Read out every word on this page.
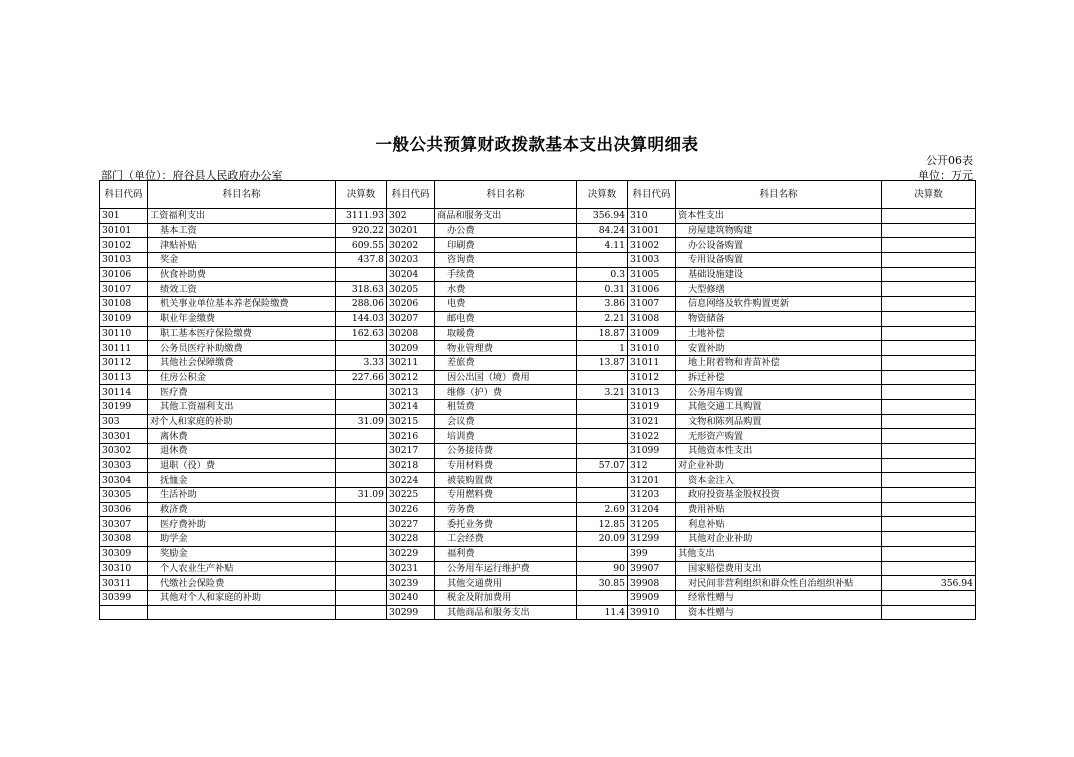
一般公共预算财政拨款基本支出决算明细表
公开06表
部门（单位）：府谷县人民政府办公室	单位：万元
科目代码	科目名称	决算数	科目代码	科目名称	决算数	科目代码	科目名称	决算数
301	工资福利支出	3111.93	302	商品和服务支出	356.94	310	资本性支出	
30101	基本工资	920.22	30201	办公费	84.24	31001	房屋建筑物购建	
30102	津贴补贴	609.55	30202	印刷费	4.11	31002	办公设备购置	
30103	奖金	437.8	30203	咨询费		31003	专用设备购置	
30106	伙食补助费		30204	手续费	0.3	31005	基础设施建设	
30107	绩效工资	318.63	30205	水费	0.31	31006	大型修缮	
30108	机关事业单位基本养老保险缴费	288.06	30206	电费	3.86	31007	信息网络及软件购置更新	
30109	职业年金缴费	144.03	30207	邮电费	2.21	31008	物资储备	
30110	职工基本医疗保险缴费	162.63	30208	取暖费	18.87	31009	土地补偿	
30111	公务员医疗补助缴费		30209	物业管理费	1	31010	安置补助	
30112	其他社会保障缴费	3.33	30211	差旅费	13.87	31011	地上附着物和青苗补偿	
30113	住房公积金	227.66	30212	因公出国（境）费用		31012	拆迁补偿	
30114	医疗费		30213	维修（护）费	3.21	31013	公务用车购置	
30199	其他工资福利支出		30214	租赁费		31019	其他交通工具购置	
303	对个人和家庭的补助	31.09	30215	会议费		31021	文物和陈列品购置	
30301	离休费		30216	培训费		31022	无形资产购置	
30302	退休费		30217	公务接待费		31099	其他资本性支出	
30303	退职（役）费		30218	专用材料费	57.07	312	对企业补助	
30304	抚恤金		30224	被装购置费		31201	资本金注入	
30305	生活补助	31.09	30225	专用燃料费		31203	政府投资基金股权投资	
30306	救济费		30226	劳务费	2.69	31204	费用补贴	
30307	医疗费补助		30227	委托业务费	12.85	31205	利息补贴	
30308	助学金		30228	工会经费	20.09	31299	其他对企业补助	
30309	奖励金		30229	福利费		399	其他支出	
30310	个人农业生产补贴		30231	公务用车运行维护费	90	39907	国家赔偿费用支出	
30311	代缴社会保险费		30239	其他交通费用	30.85	39908	对民间非营利组织和群众性自治组织补贴	356.94
30399	其他对个人和家庭的补助		30240	税金及附加费用		39909	经常性赠与	
			30299	其他商品和服务支出	11.4	39910	资本性赠与	
